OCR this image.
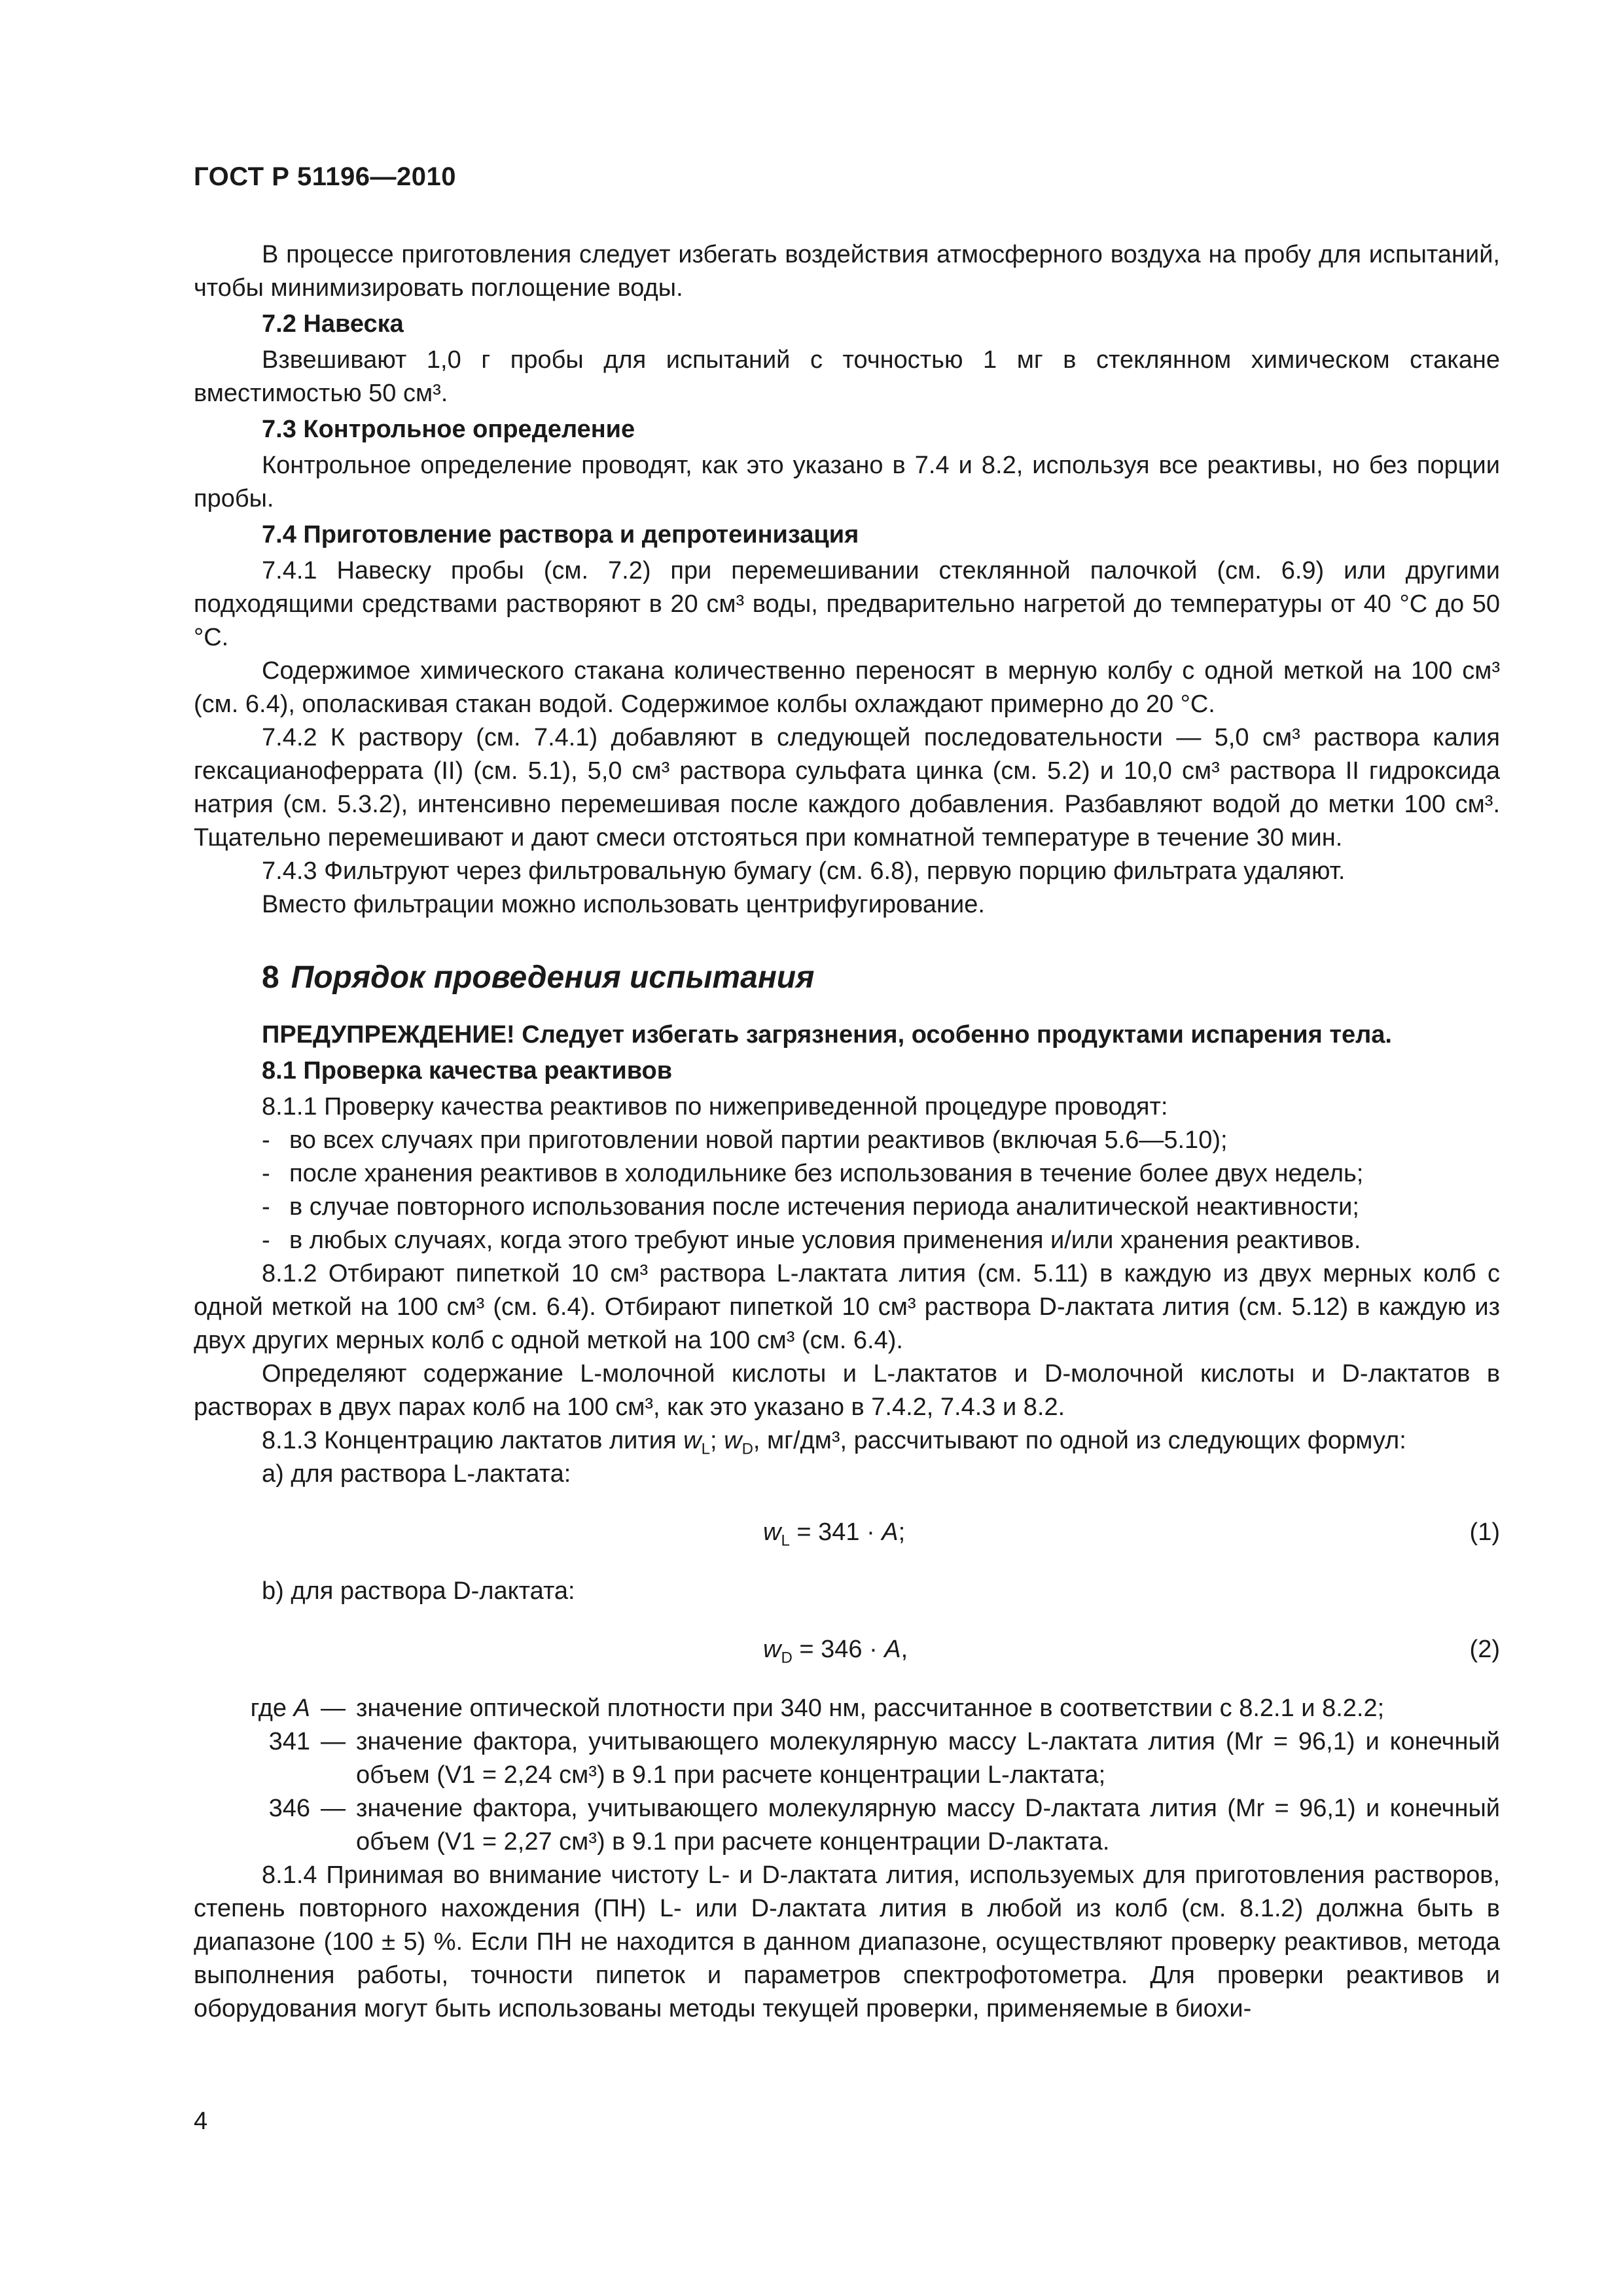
ГОСТ Р 51196—2010

В процессе приготовления следует избегать воздействия атмосферного воздуха на пробу для испытаний, чтобы минимизировать поглощение воды.

7.2 Навеска

Взвешивают 1,0 г пробы для испытаний с точностью 1 мг в стеклянном химическом стакане вместимостью 50 см³.

7.3 Контрольное определение

Контрольное определение проводят, как это указано в 7.4 и 8.2, используя все реактивы, но без порции пробы.

7.4 Приготовление раствора и депротеинизация

7.4.1 Навеску пробы (см. 7.2) при перемешивании стеклянной палочкой (см. 6.9) или другими подходящими средствами растворяют в 20 см³ воды, предварительно нагретой до температуры от 40 °С до 50 °С.

Содержимое химического стакана количественно переносят в мерную колбу с одной меткой на 100 см³ (см. 6.4), ополаскивая стакан водой. Содержимое колбы охлаждают примерно до 20 °С.

7.4.2 К раствору (см. 7.4.1) добавляют в следующей последовательности — 5,0 см³ раствора калия гексацианоферрата (II) (см. 5.1), 5,0 см³ раствора сульфата цинка (см. 5.2) и 10,0 см³ раствора II гидроксида натрия (см. 5.3.2), интенсивно перемешивая после каждого добавления. Разбавляют водой до метки 100 см³. Тщательно перемешивают и дают смеси отстояться при комнатной температуре в течение 30 мин.

7.4.3 Фильтруют через фильтровальную бумагу (см. 6.8), первую порцию фильтрата удаляют.

Вместо фильтрации можно использовать центрифугирование.

8 Порядок проведения испытания
ПРЕДУПРЕЖДЕНИЕ! Следует избегать загрязнения, особенно продуктами испарения тела.
8.1 Проверка качества реактивов

8.1.1 Проверку качества реактивов по нижеприведенной процедуре проводят:

- во всех случаях при приготовлении новой партии реактивов (включая 5.6—5.10);
- после хранения реактивов в холодильнике без использования в течение более двух недель;
- в случае повторного использования после истечения периода аналитической неактивности;
- в любых случаях, когда этого требуют иные условия применения и/или хранения реактивов.

8.1.2 Отбирают пипеткой 10 см³ раствора L-лактата лития (см. 5.11) в каждую из двух мерных колб с одной меткой на 100 см³ (см. 6.4). Отбирают пипеткой 10 см³ раствора D-лактата лития (см. 5.12) в каждую из двух других мерных колб с одной меткой на 100 см³ (см. 6.4).

Определяют содержание L-молочной кислоты и L-лактатов и D-молочной кислоты и D-лактатов в растворах в двух парах колб на 100 см³, как это указано в 7.4.2, 7.4.3 и 8.2.

8.1.3 Концентрацию лактатов лития $w_L$; $w_D$, мг/дм³, рассчитывают по одной из следующих формул:

а) для раствора L-лактата:

$w_L = 341 \cdot A$;	(1)

b) для раствора D-лактата:

$w_D = 346 \cdot A$,	(2)
где A — значение оптической плотности при 340 нм, рассчитанное в соответствии с 8.2.1 и 8.2.2;
341 — значение фактора, учитывающего молекулярную массу L-лактата лития (Mr = 96,1) и конечный объем (V1 = 2,24 см³) в 9.1 при расчете концентрации L-лактата;
346 — значение фактора, учитывающего молекулярную массу D-лактата лития (Mr = 96,1) и конечный объем (V1 = 2,27 см³) в 9.1 при расчете концентрации D-лактата.

8.1.4 Принимая во внимание чистоту L- и D-лактата лития, используемых для приготовления растворов, степень повторного нахождения (ПН) L- или D-лактата лития в любой из колб (см. 8.1.2) должна быть в диапазоне (100 ± 5) %. Если ПН не находится в данном диапазоне, осуществляют проверку реактивов, метода выполнения работы, точности пипеток и параметров спектрофотометра. Для проверки реактивов и оборудования могут быть использованы методы текущей проверки, применяемые в биохи-

4
